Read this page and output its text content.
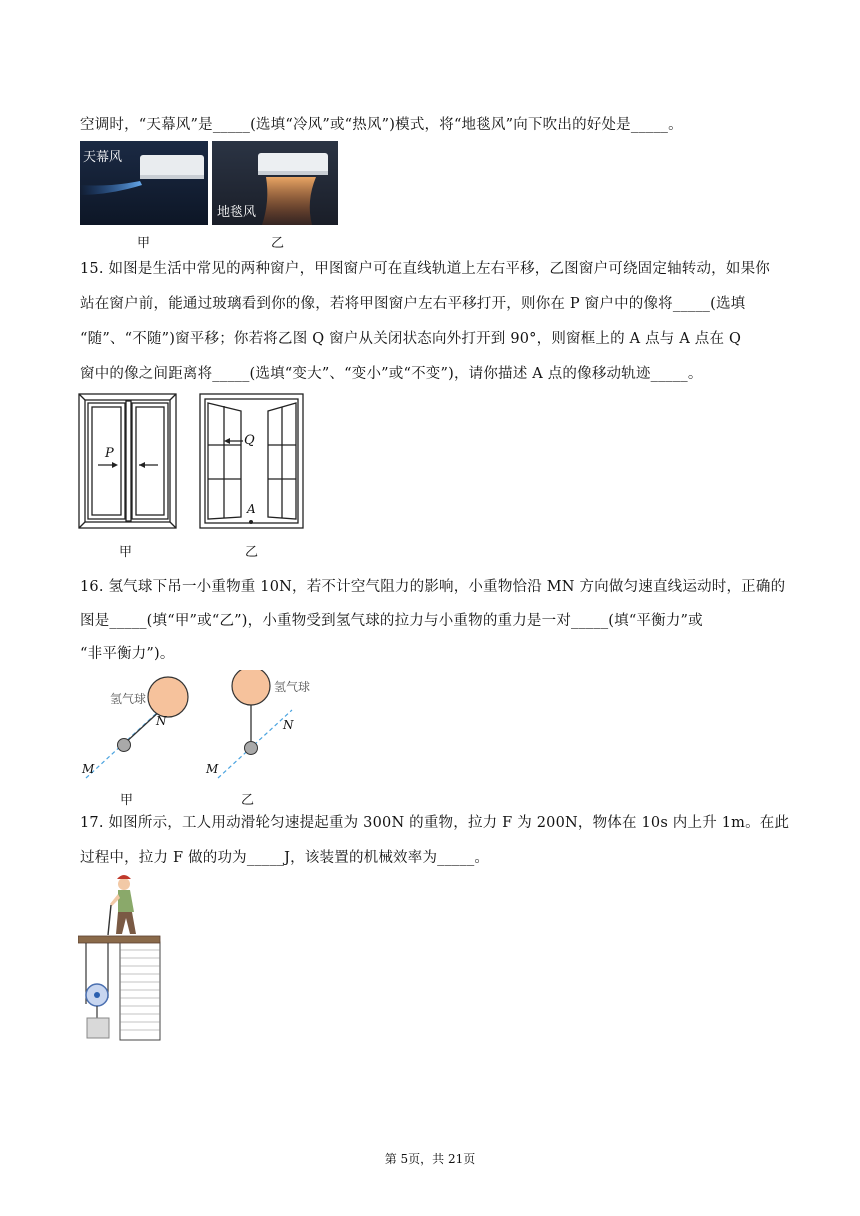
空调时，“天幕风”是_____(选填“冷风”或“热风”)模式，将“地毯风”向下吹出的好处是_____。
天幕风
地毯风
甲	乙
15. 如图是生活中常见的两种窗户，甲图窗户可在直线轨道上左右平移，乙图窗户可绕固定轴转动，如果你
站在窗户前，能通过玻璃看到你的像，若将甲图窗户左右平移打开，则你在 P 窗户中的像将_____(选填
“随”、“不随”)窗平移；你若将乙图 Q 窗户从关闭状态向外打开到 90°，则窗框上的 A 点与 A 点在 Q
窗中的像之间距离将_____(选填“变大”、“变小”或“不变”)，请你描述 A 点的像移动轨迹_____。
P
Q
A
甲	乙
16. 氢气球下吊一小重物重 10N，若不计空气阻力的影响，小重物恰沿 MN 方向做匀速直线运动时，正确的
图是_____(填“甲”或“乙”)，小重物受到氢气球的拉力与小重物的重力是一对_____(填“平衡力”或
“非平衡力”)。
氢气球
氢气球
N
M
N
M
甲	乙
17. 如图所示，工人用动滑轮匀速提起重为 300N 的重物，拉力 F 为 200N，物体在 10s 内上升 1m。在此
过程中，拉力 F 做的功为_____J，该装置的机械效率为_____。
第 5页，共 21页
